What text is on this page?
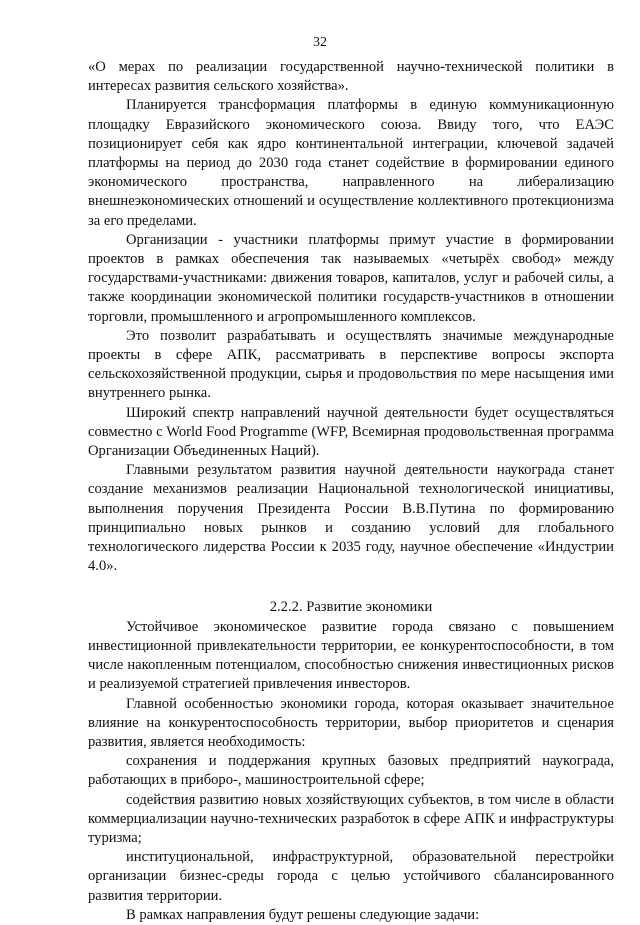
32

«О мерах по реализации государственной научно-технической политики в интересах развития сельского хозяйства».

Планируется трансформация платформы в единую коммуникационную площадку Евразийского экономического союза. Ввиду того, что ЕАЭС позиционирует себя как ядро континентальной интеграции, ключевой задачей платформы на период до 2030 года станет содействие в формировании единого экономического пространства, направленного на либерализацию внешнеэкономических отношений и осуществление коллективного протекционизма за его пределами.

Организации - участники платформы примут участие в формировании проектов в рамках обеспечения так называемых «четырёх свобод» между государствами-участниками: движения товаров, капиталов, услуг и рабочей силы, а также координации экономической политики государств-участников в отношении торговли, промышленного и агропромышленного комплексов.

Это позволит разрабатывать и осуществлять значимые международные проекты в сфере АПК, рассматривать в перспективе вопросы экспорта сельскохозяйственной продукции, сырья и продовольствия по мере насыщения ими внутреннего рынка.

Широкий спектр направлений научной деятельности будет осуществляться совместно с World Food Programme (WFP, Всемирная продовольственная программа Организации Объединенных Наций).

Главными результатом развития научной деятельности наукограда станет создание механизмов реализации Национальной технологической инициативы, выполнения поручения Президента России В.В.Путина по формированию принципиально новых рынков и созданию условий для глобального технологического лидерства России к 2035 году, научное обеспечение «Индустрии 4.0».

2.2.2. Развитие экономики

Устойчивое экономическое развитие города связано с повышением инвестиционной привлекательности территории, ее конкурентоспособности, в том числе накопленным потенциалом, способностью снижения инвестиционных рисков и реализуемой стратегией привлечения инвесторов.

Главной особенностью экономики города, которая оказывает значительное влияние на конкурентоспособность территории, выбор приоритетов и сценария развития, является необходимость:

сохранения и поддержания крупных базовых предприятий наукограда, работающих в приборо-, машиностроительной сфере;

содействия развитию новых хозяйствующих субъектов, в том числе в области коммерциализации научно-технических разработок в сфере АПК и инфраструктуры туризма;

институциональной, инфраструктурной, образовательной перестройки организации бизнес-среды города с целью устойчивого сбалансированного развития территории.

В рамках направления будут решены следующие задачи:
